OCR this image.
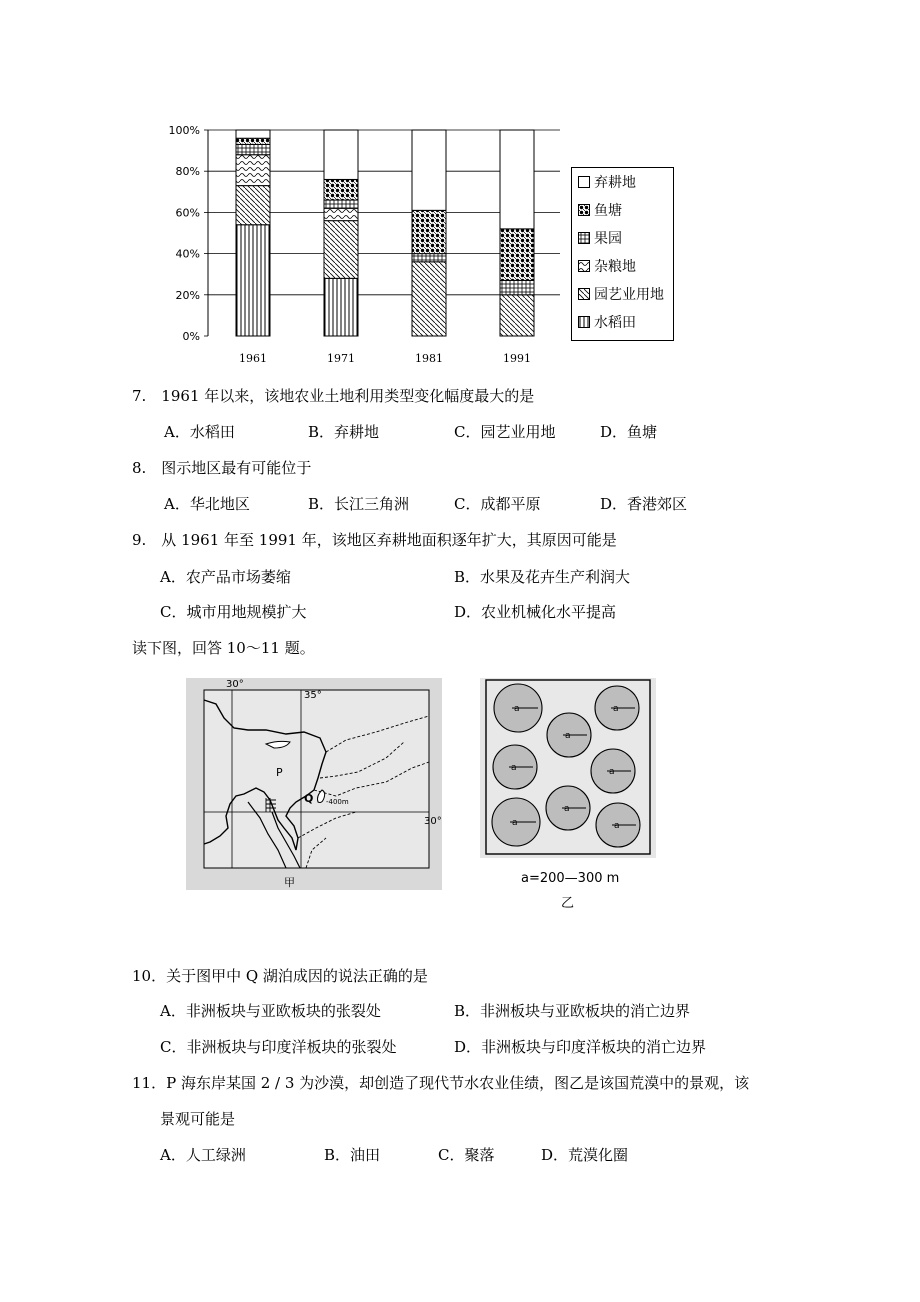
0%
20%
40%
60%
80%
100%
1961	1971	1981	1991
弃耕地
鱼塘
果园
杂粮地
园艺业用地
水稻田
7.　1961 年以来，该地农业土地利用类型变化幅度最大的是
A．水稻田	B．弃耕地	C．园艺业用地	D．鱼塘
8.　图示地区最有可能位于
A．华北地区	B．长江三角洲	C．成都平原	D．香港郊区
9.　从 1961 年至 1991 年，该地区弃耕地面积逐年扩大，其原因可能是
A．农产品市场萎缩	B．水果及花卉生产利润大
C．城市用地规模扩大	D．农业机械化水平提高
读下图，回答 10～11 题。
30°
35°
30°
P
Q -400m
甲
a	a
a
a	a
a
a	a
a=200—300 m
乙
10．关于图甲中 Q 湖泊成因的说法正确的是
A．非洲板块与亚欧板块的张裂处	B．非洲板块与亚欧板块的消亡边界
C．非洲板块与印度洋板块的张裂处	D．非洲板块与印度洋板块的消亡边界
11．P 海东岸某国 2 / 3 为沙漠，却创造了现代节水农业佳绩，图乙是该国荒漠中的景观，该
景观可能是
A．人工绿洲	B．油田	C．聚落	D．荒漠化圈
